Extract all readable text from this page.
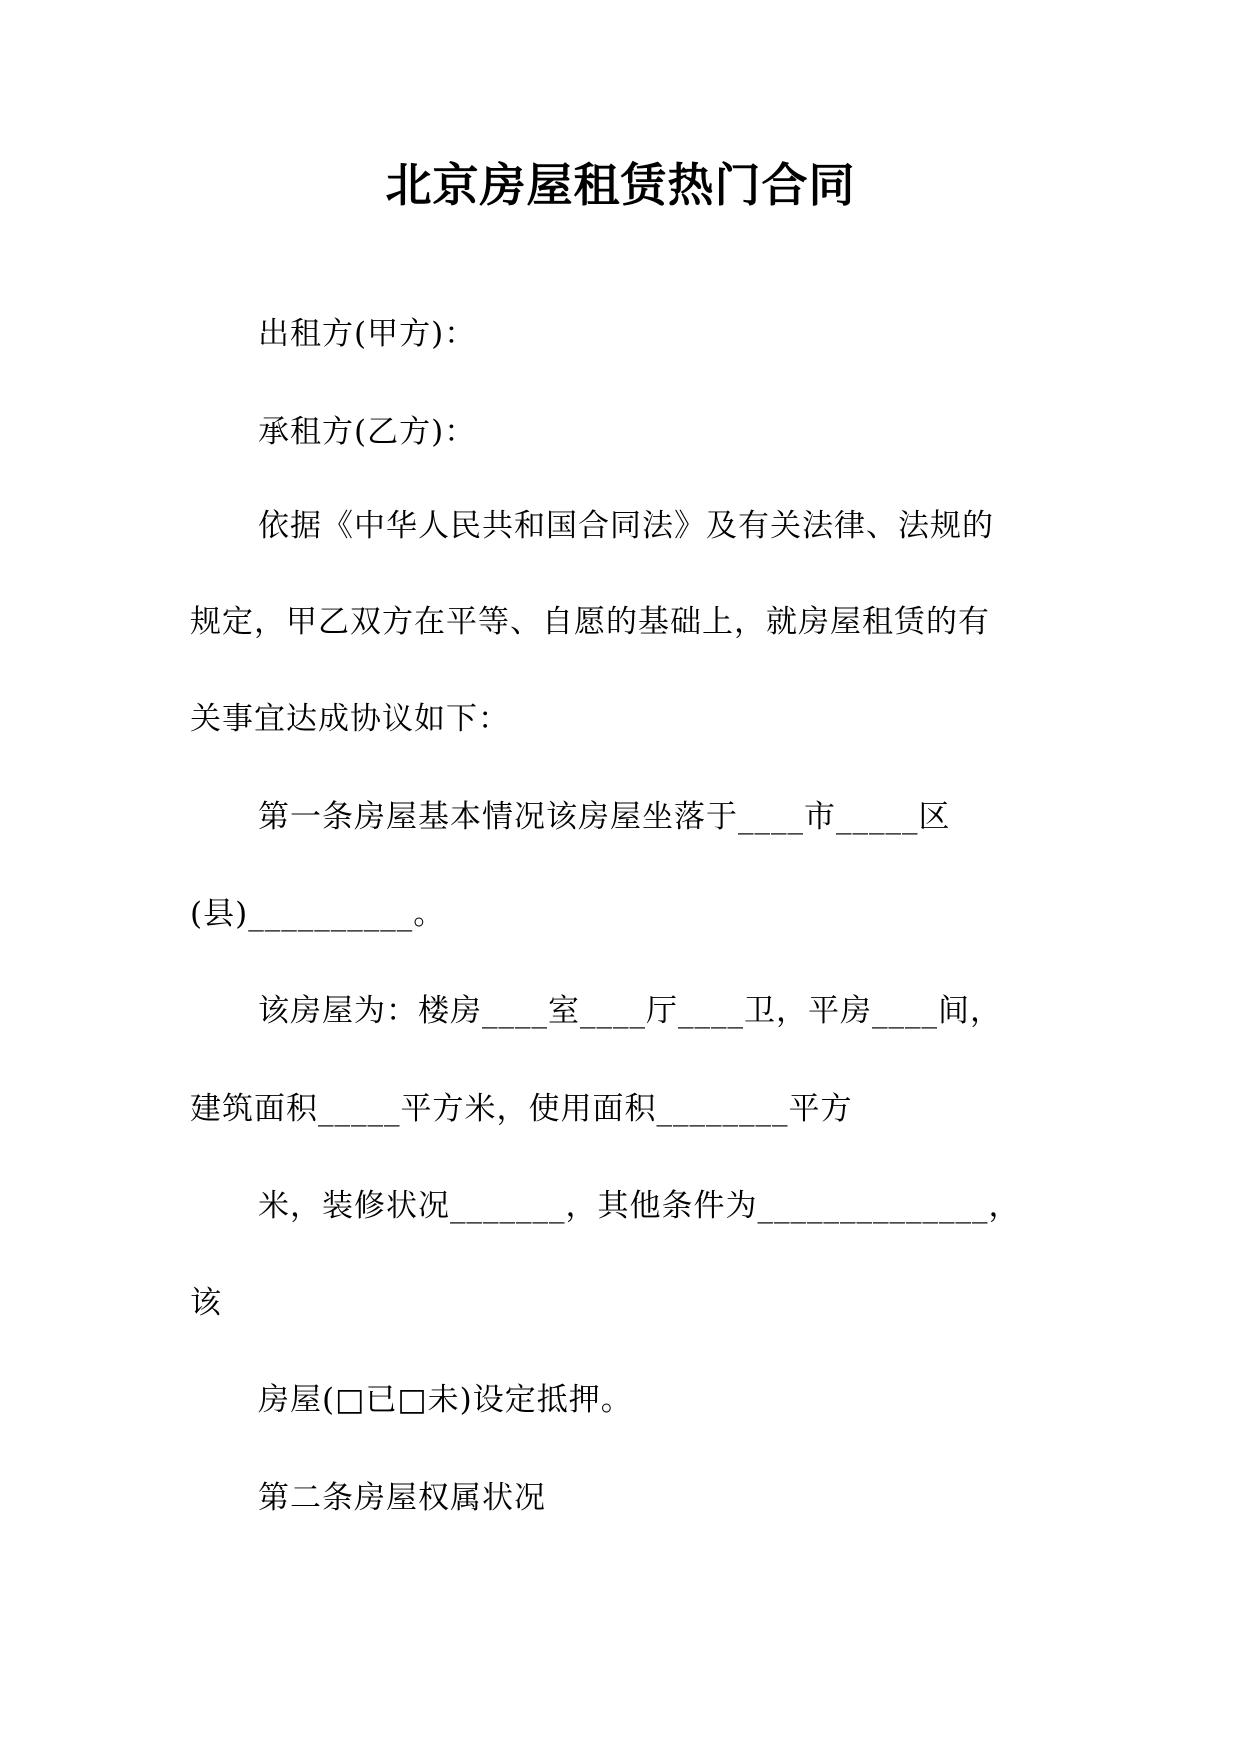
北京房屋租赁热门合同
出租方(甲方)：
承租方(乙方)：
依据《中华人民共和国合同法》及有关法律、法规的
规定，甲乙双方在平等、自愿的基础上，就房屋租赁的有
关事宜达成协议如下：
第一条房屋基本情况该房屋坐落于____市_____区
(县)__________。
该房屋为：楼房____室____厅____卫，平房____间，
建筑面积_____平方米，使用面积________平方
米，装修状况_______，其他条件为______________，
该
房屋(□已□未)设定抵押。
第二条房屋权属状况
